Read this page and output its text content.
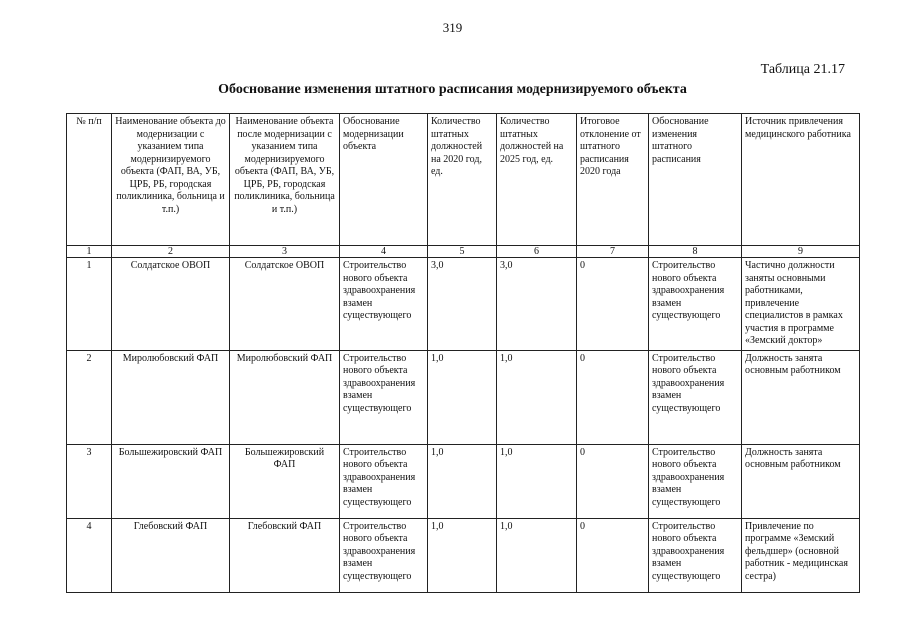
319
Таблица 21.17
Обоснование изменения штатного расписания модернизируемого объекта
№ п/п	Наименование объекта до модернизации с указанием типа модернизируемого объекта (ФАП, ВА, УБ, ЦРБ, РБ, городская поликлиника, больница и т.п.)	Наименование объекта после модернизации с указанием типа модернизируемого объекта (ФАП, ВА, УБ, ЦРБ, РБ, городская поликлиника, больница и т.п.)	Обоснование модернизации объекта	Количество штатных должностей на 2020 год, ед.	Количество штатных должностей на 2025 год, ед.	Итоговое отклонение от штатного расписания 2020 года	Обоснование изменения штатного расписания	Источник привлечения медицинского работника
1	2	3	4	5	6	7	8	9
1	Солдатское ОВОП	Солдатское ОВОП	Строительство нового объекта здравоохранения взамен существующего	3,0	3,0	0	Строительство нового объекта здравоохранения взамен существующего	Частично должности заняты основными работниками, привлечение специалистов в рамках участия в программе «Земский доктор»
2	Миролюбовский ФАП	Миролюбовский ФАП	Строительство нового объекта здравоохранения взамен существующего	1,0	1,0	0	Строительство нового объекта здравоохранения взамен существующего	Должность занята основным работником
3	Большежировский ФАП	Большежировский ФАП	Строительство нового объекта здравоохранения взамен существующего	1,0	1,0	0	Строительство нового объекта здравоохранения взамен существующего	Должность занята основным работником
4	Глебовский ФАП	Глебовский ФАП	Строительство нового объекта здравоохранения взамен существующего	1,0	1,0	0	Строительство нового объекта здравоохранения взамен существующего	Привлечение по программе «Земский фельдшер» (основной работник - медицинская сестра)
